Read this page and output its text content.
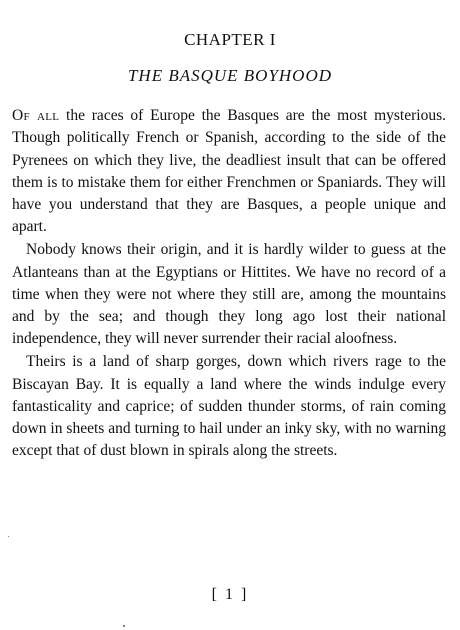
CHAPTER I
THE BASQUE BOYHOOD

Of all the races of Europe the Basques are the most mysterious. Though politically French or Spanish, according to the side of the Pyrenees on which they live, the deadliest insult that can be offered them is to mistake them for either Frenchmen or Spaniards. They will have you understand that they are Basques, a people unique and apart.

Nobody knows their origin, and it is hardly wilder to guess at the Atlanteans than at the Egyptians or Hittites. We have no record of a time when they were not where they still are, among the mountains and by the sea; and though they long ago lost their national independence, they will never surrender their racial aloofness.

Theirs is a land of sharp gorges, down which rivers rage to the Biscayan Bay. It is equally a land where the winds indulge every fantasticality and caprice; of sudden thunder storms, of rain coming down in sheets and turning to hail under an inky sky, with no warning except that of dust blown in spirals along the streets.

[ 1 ]
